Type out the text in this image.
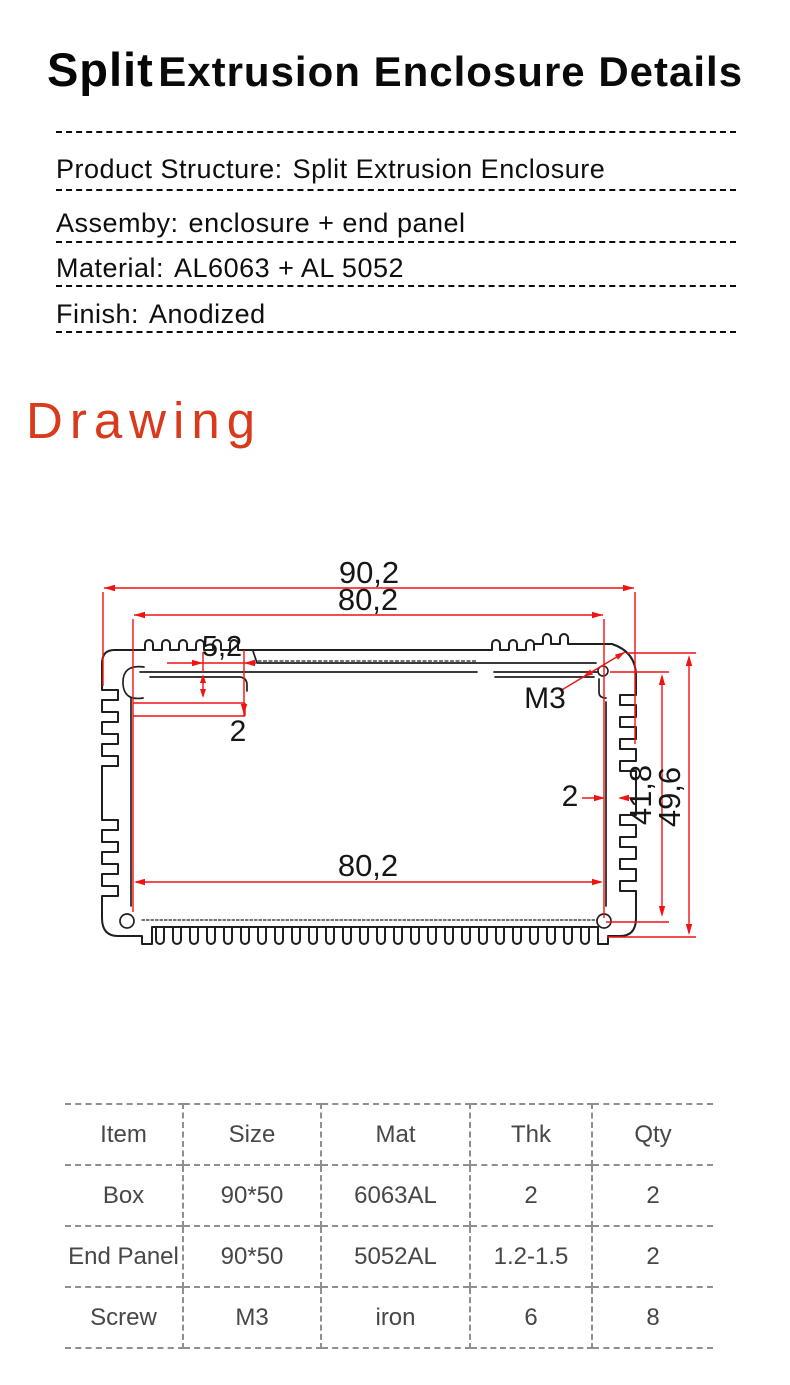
Split Extrusion Enclosure Details
Product Structure: Split Extrusion Enclosure
Assemby: enclosure + end panel
Material: AL6063 + AL 5052
Finish: Anodized
Drawing
90,2
80,2
5,2
2
M3
2 41,8
49,6
80,2
Item	Size	Mat	Thk	Qty
Box	90*50	6063AL	2	2
End Panel	90*50	5052AL	1.2-1.5	2
Screw	M3	iron	6	8
